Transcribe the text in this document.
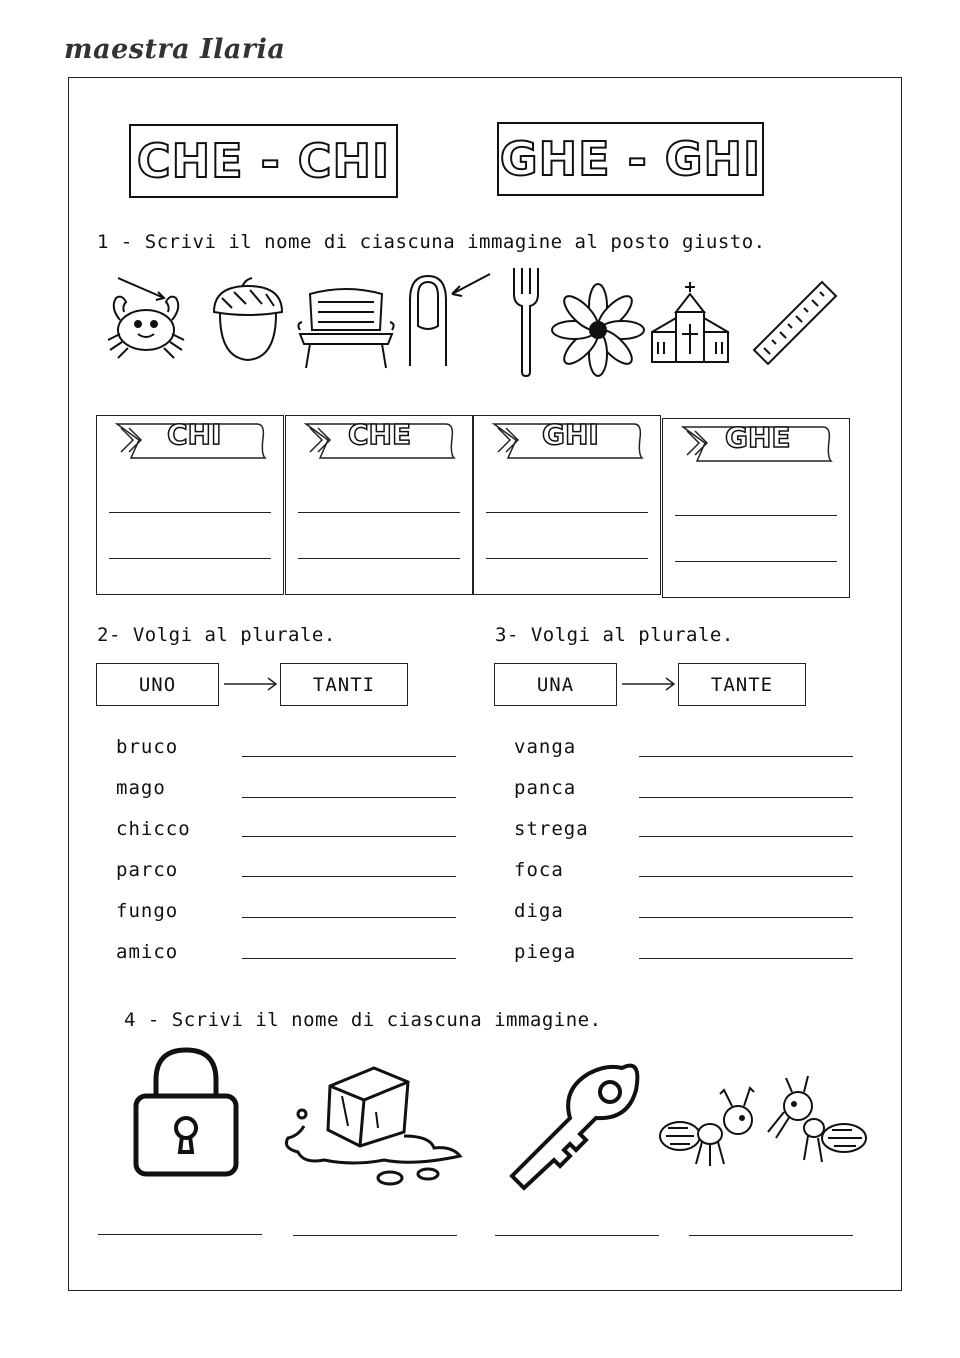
maestra Ilaria
CHE - CHI GHE - GHI
1 - Scrivi il nome di ciascuna immagine al posto giusto.
CHI	CHE	GHI	GHE
2- Volgi al plurale.
UNO	TANTI
bruco
mago
chicco
parco
fungo
amico
3- Volgi al plurale.
UNA	TANTE
vanga
panca
strega
foca
diga
piega
4 - Scrivi il nome di ciascuna immagine.
